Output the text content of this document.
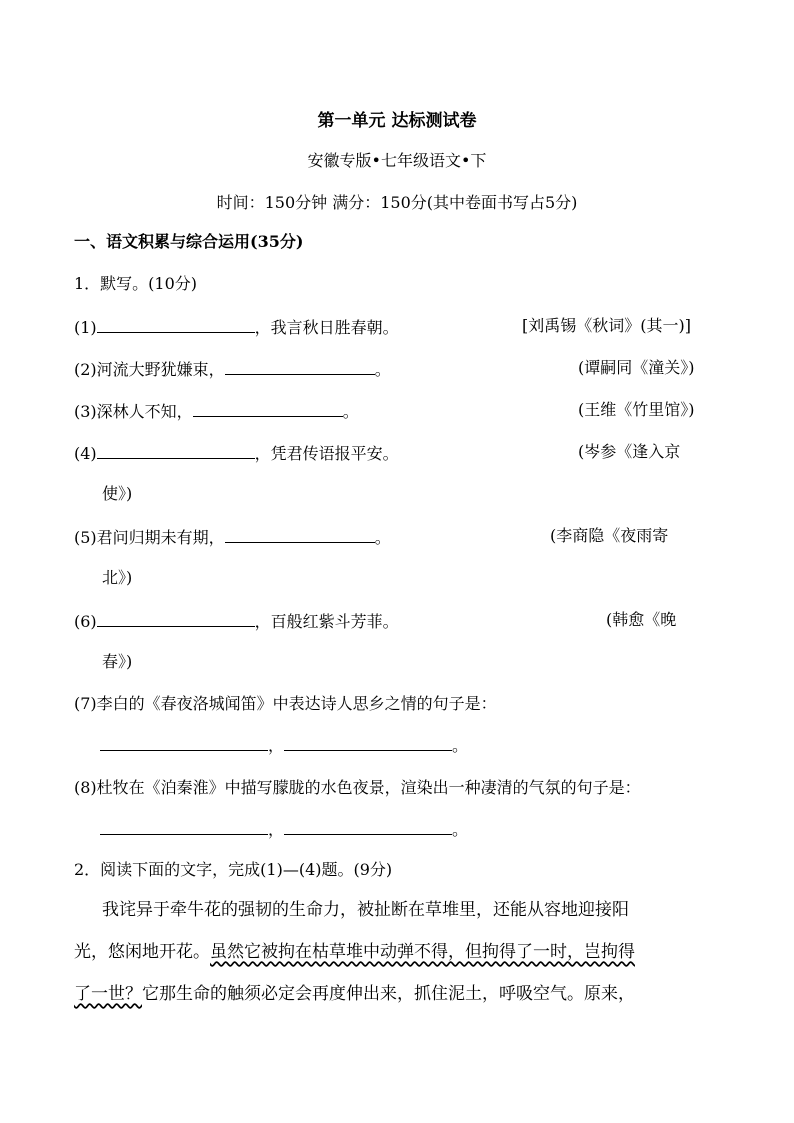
第一单元 达标测试卷
安徽专版•七年级语文•下
时间：150分钟 满分：150分(其中卷面书写占5分)
一、语文积累与综合运用(35分)
1．默写。(10分)
(1)	，我言秋日胜春朝。	[刘禹锡《秋词》(其一)]
(2)河流大野犹嫌束，	。	(谭嗣同《潼关》)
(3)深林人不知，	。	(王维《竹里馆》)
(4)	，凭君传语报平安。	(岑参《逢入京
使》)
(5)君问归期未有期，	。	(李商隐《夜雨寄
北》)
(6)	，百般红紫斗芳菲。	(韩愈《晚
春》)
(7)李白的《春夜洛城闻笛》中表达诗人思乡之情的句子是：
，	。
(8)杜牧在《泊秦淮》中描写朦胧的水色夜景，渲染出一种凄清的气氛的句子是：
，	。
2．阅读下面的文字，完成(1)—(4)题。(9分)
我诧异于牵牛花的强韧的生命力，被扯断在草堆里，还能从容地迎接阳
光，悠闲地开花。虽然它被拘在枯草堆中动弹不得，但拘得了一时，岂拘得
了一世？它那生命的触须必定会再度伸出来，抓住泥土，呼吸空气。原来，
